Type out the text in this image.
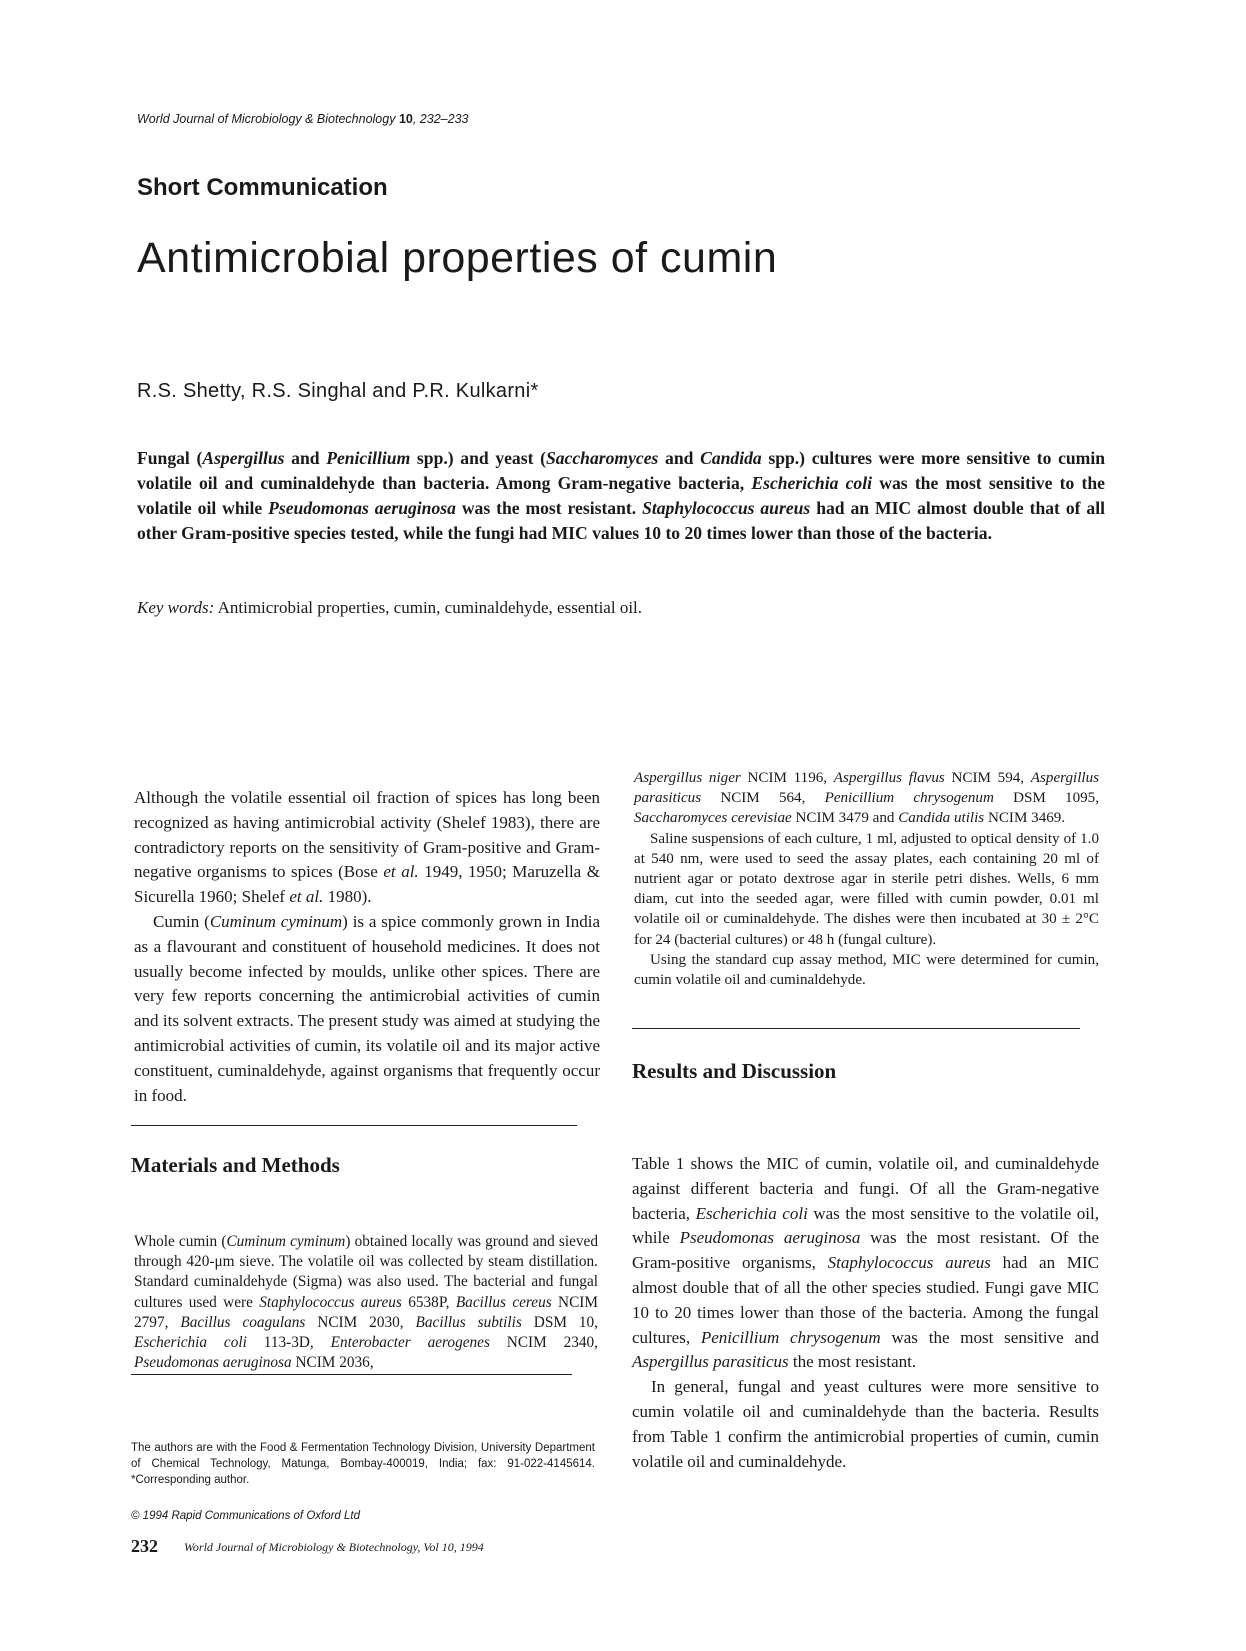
World Journal of Microbiology & Biotechnology 10, 232–233
Short Communication
Antimicrobial properties of cumin
R.S. Shetty, R.S. Singhal and P.R. Kulkarni*

Fungal (Aspergillus and Penicillium spp.) and yeast (Saccharomyces and Candida spp.) cultures were more sensitive to cumin volatile oil and cuminaldehyde than bacteria. Among Gram-negative bacteria, Escherichia coli was the most sensitive to the volatile oil while Pseudomonas aeruginosa was the most resistant. Staphylococcus aureus had an MIC almost double that of all other Gram-positive species tested, while the fungi had MIC values 10 to 20 times lower than those of the bacteria.

Key words: Antimicrobial properties, cumin, cuminaldehyde, essential oil.

Although the volatile essential oil fraction of spices has long been recognized as having antimicrobial activity (Shelef 1983), there are contradictory reports on the sensitivity of Gram-positive and Gram-negative organisms to spices (Bose et al. 1949, 1950; Maruzella & Sicurella 1960; Shelef et al. 1980).

Cumin (Cuminum cyminum) is a spice commonly grown in India as a flavourant and constituent of household medicines. It does not usually become infected by moulds, unlike other spices. There are very few reports concerning the antimicrobial activities of cumin and its solvent extracts. The present study was aimed at studying the antimicrobial activities of cumin, its volatile oil and its major active constituent, cuminaldehyde, against organisms that frequently occur in food.

Materials and Methods

Whole cumin (Cuminum cyminum) obtained locally was ground and sieved through 420-μm sieve. The volatile oil was collected by steam distillation. Standard cuminaldehyde (Sigma) was also used. The bacterial and fungal cultures used were Staphylococcus aureus 6538P, Bacillus cereus NCIM 2797, Bacillus coagulans NCIM 2030, Bacillus subtilis DSM 10, Escherichia coli 113-3D, Enterobacter aerogenes NCIM 2340, Pseudomonas aeruginosa NCIM 2036,

The authors are with the Food & Fermentation Technology Division, University Department of Chemical Technology, Matunga, Bombay-400019, India; fax: 91-022-4145614. *Corresponding author.

© 1994 Rapid Communications of Oxford Ltd
232 World Journal of Microbiology & Biotechnology, Vol 10, 1994

Aspergillus niger NCIM 1196, Aspergillus flavus NCIM 594, Aspergillus parasiticus NCIM 564, Penicillium chrysogenum DSM 1095, Saccharomyces cerevisiae NCIM 3479 and Candida utilis NCIM 3469.

Saline suspensions of each culture, 1 ml, adjusted to optical density of 1.0 at 540 nm, were used to seed the assay plates, each containing 20 ml of nutrient agar or potato dextrose agar in sterile petri dishes. Wells, 6 mm diam, cut into the seeded agar, were filled with cumin powder, 0.01 ml volatile oil or cuminaldehyde. The dishes were then incubated at 30 ± 2°C for 24 (bacterial cultures) or 48 h (fungal culture).

Using the standard cup assay method, MIC were determined for cumin, cumin volatile oil and cuminaldehyde.

Results and Discussion

Table 1 shows the MIC of cumin, volatile oil, and cuminaldehyde against different bacteria and fungi. Of all the Gram-negative bacteria, Escherichia coli was the most sensitive to the volatile oil, while Pseudomonas aeruginosa was the most resistant. Of the Gram-positive organisms, Staphylococcus aureus had an MIC almost double that of all the other species studied. Fungi gave MIC 10 to 20 times lower than those of the bacteria. Among the fungal cultures, Penicillium chrysogenum was the most sensitive and Aspergillus parasiticus the most resistant.

In general, fungal and yeast cultures were more sensitive to cumin volatile oil and cuminaldehyde than the bacteria. Results from Table 1 confirm the antimicrobial properties of cumin, cumin volatile oil and cuminaldehyde.
